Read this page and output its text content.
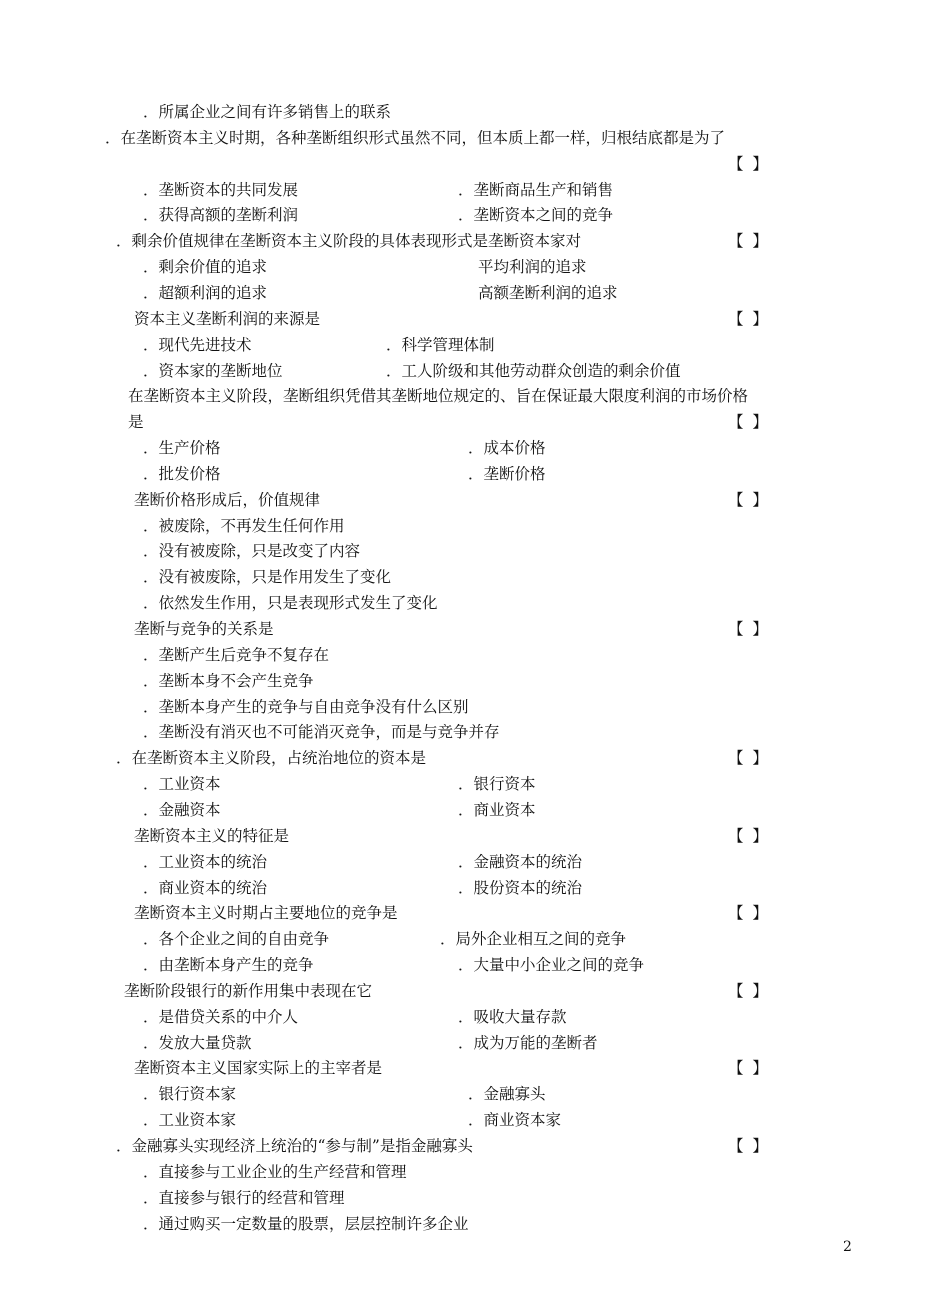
．所属企业之间有许多销售上的联系
．在垄断资本主义时期，各种垄断组织形式虽然不同，但本质上都一样，归根结底都是为了
【 】
．垄断资本的共同发展	．垄断商品生产和销售
．获得高额的垄断利润	．垄断资本之间的竞争
．剩余价值规律在垄断资本主义阶段的具体表现形式是垄断资本家对	【 】
．剩余价值的追求	平均利润的追求
．超额利润的追求	高额垄断利润的追求
资本主义垄断利润的来源是	【 】
．现代先进技术	．科学管理体制
．资本家的垄断地位	．工人阶级和其他劳动群众创造的剩余价值
在垄断资本主义阶段，垄断组织凭借其垄断地位规定的、旨在保证最大限度利润的市场价格
是	【 】
．生产价格	．成本价格
．批发价格	．垄断价格
垄断价格形成后，价值规律	【 】
．被废除，不再发生任何作用
．没有被废除，只是改变了内容
．没有被废除，只是作用发生了变化
．依然发生作用，只是表现形式发生了变化
垄断与竞争的关系是	【 】
．垄断产生后竞争不复存在
．垄断本身不会产生竞争
．垄断本身产生的竞争与自由竞争没有什么区别
．垄断没有消灭也不可能消灭竞争，而是与竞争并存
．在垄断资本主义阶段，占统治地位的资本是	【 】
．工业资本	．银行资本
．金融资本	．商业资本
垄断资本主义的特征是	【 】
．工业资本的统治	．金融资本的统治
．商业资本的统治	．股份资本的统治
垄断资本主义时期占主要地位的竞争是	【 】
．各个企业之间的自由竞争	．局外企业相互之间的竞争
．由垄断本身产生的竞争	．大量中小企业之间的竞争
垄断阶段银行的新作用集中表现在它	【 】
．是借贷关系的中介人	．吸收大量存款
．发放大量贷款	．成为万能的垄断者
垄断资本主义国家实际上的主宰者是	【 】
．银行资本家	．金融寡头
．工业资本家	．商业资本家
．金融寡头实现经济上统治的“参与制”是指金融寡头	【 】
．直接参与工业企业的生产经营和管理
．直接参与银行的经营和管理
．通过购买一定数量的股票，层层控制许多企业
2
